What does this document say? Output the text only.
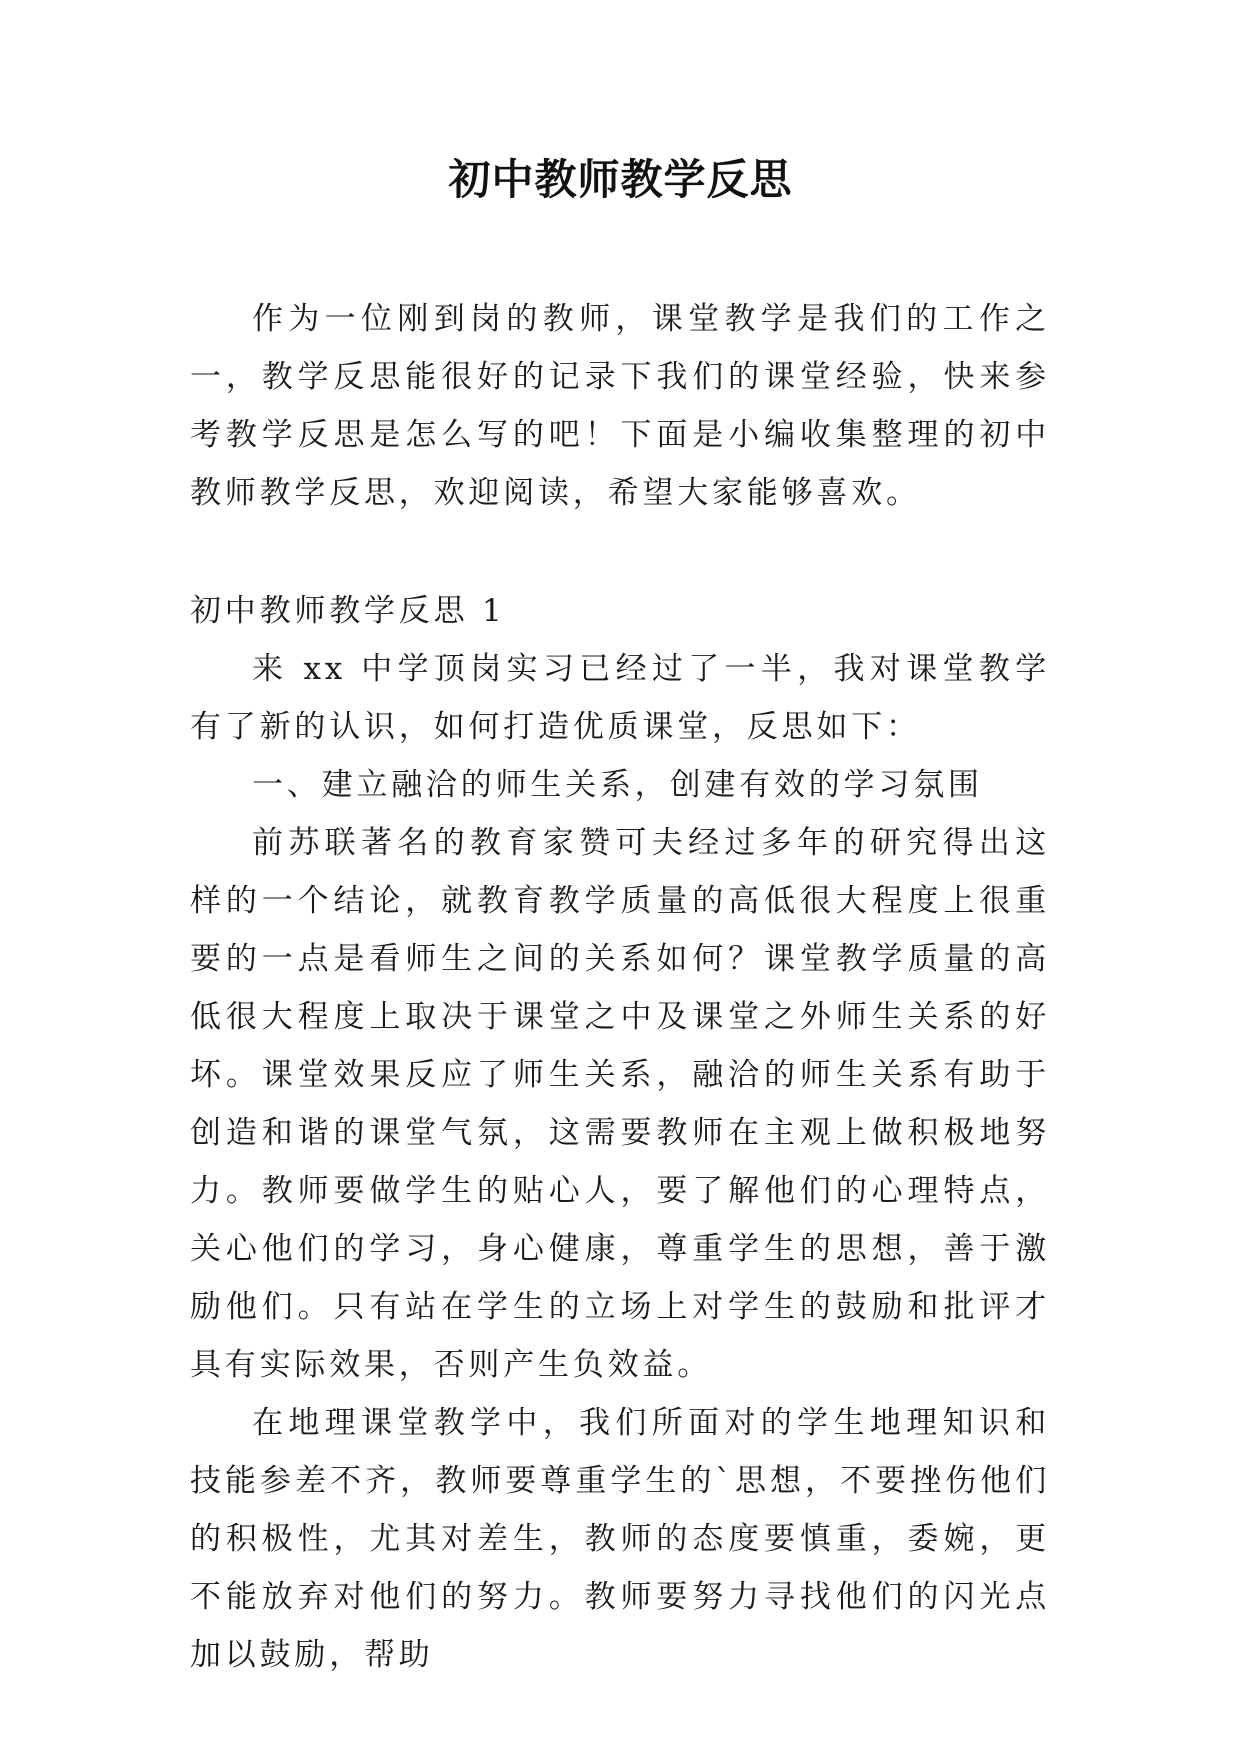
初中教师教学反思

作为一位刚到岗的教师，课堂教学是我们的工作之一，教学反思能很好的记录下我们的课堂经验，快来参考教学反思是怎么写的吧！下面是小编收集整理的初中教师教学反思，欢迎阅读，希望大家能够喜欢。

初中教师教学反思 1

来 xx 中学顶岗实习已经过了一半，我对课堂教学有了新的认识，如何打造优质课堂，反思如下：

一、建立融洽的师生关系，创建有效的学习氛围

前苏联著名的教育家赞可夫经过多年的研究得出这样的一个结论，就教育教学质量的高低很大程度上很重要的一点是看师生之间的关系如何？课堂教学质量的高低很大程度上取决于课堂之中及课堂之外师生关系的好坏。课堂效果反应了师生关系，融洽的师生关系有助于创造和谐的课堂气氛，这需要教师在主观上做积极地努力。教师要做学生的贴心人，要了解他们的心理特点，关心他们的学习，身心健康，尊重学生的思想，善于激励他们。只有站在学生的立场上对学生的鼓励和批评才具有实际效果，否则产生负效益。

在地理课堂教学中，我们所面对的学生地理知识和技能参差不齐，教师要尊重学生的`思想，不要挫伤他们的积极性，尤其对差生，教师的态度要慎重，委婉，更不能放弃对他们的努力。教师要努力寻找他们的闪光点加以鼓励，帮助
